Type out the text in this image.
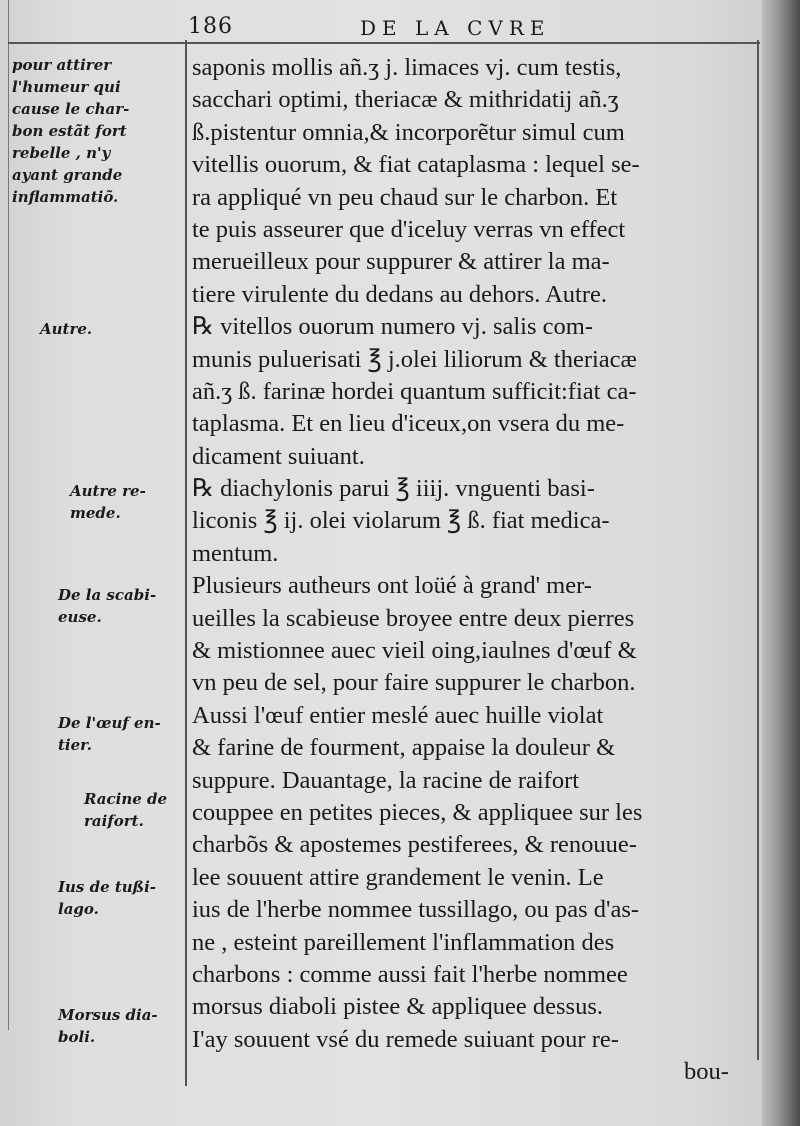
186	DE LA CVRE
pour attirer
l'humeur qui
cause le char-
bon estãt fort
rebelle , n'y
ayant grande
inflammatiõ.
Autre.
Autre re-
mede.
De la scabi-
euse.
De l'œuf en-
tier.
Racine de
raifort.
Ius de tußi-
lago.
Morsus dia-
boli.
saponis mollis añ.ʒ j. limaces vj. cum testis,
sacchari optimi, theriacæ & mithridatij añ.ʒ
ß.pistentur omnia,& incorporẽtur simul cum
vitellis ouorum, & fiat cataplasma : lequel se-
ra appliqué vn peu chaud sur le charbon. Et
te puis asseurer que d'iceluy verras vn effect
merueilleux pour suppurer & attirer la ma-
tiere virulente du dedans au dehors. Autre.
℞ vitellos ouorum numero vj. salis com-
munis puluerisati ℥ j.olei liliorum & theriacæ
añ.ʒ ß. farinæ hordei quantum sufficit:fiat ca-
taplasma. Et en lieu d'iceux,on vsera du me-
dicament suiuant.
℞ diachylonis parui ℥ iiij. vnguenti basi-
liconis ℥ ij. olei violarum ℥ ß. fiat medica-
mentum.
Plusieurs autheurs ont loüé à grand' mer-
ueilles la scabieuse broyee entre deux pierres
& mistionnee auec vieil oing,iaulnes d'œuf &
vn peu de sel, pour faire suppurer le charbon.
Aussi l'œuf entier meslé auec huille violat
& farine de fourment, appaise la douleur &
suppure. Dauantage, la racine de raifort
couppee en petites pieces, & appliquee sur les
charbõs & apostemes pestiferees, & renouue-
lee souuent attire grandement le venin. Le
ius de l'herbe nommee tussillago, ou pas d'as-
ne , esteint pareillement l'inflammation des
charbons : comme aussi fait l'herbe nommee
morsus diaboli pistee & appliquee dessus.
I'ay souuent vsé du remede suiuant pour re-
bou-
